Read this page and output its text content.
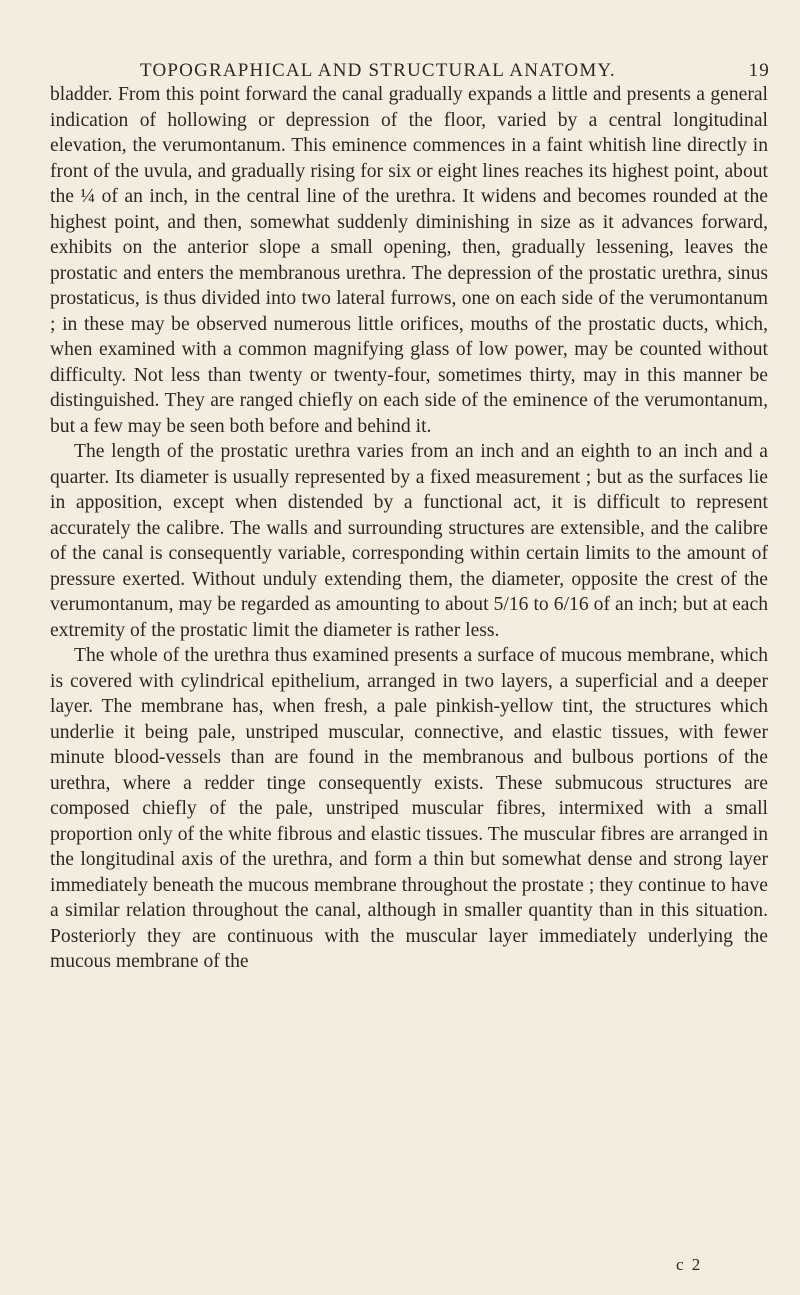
TOPOGRAPHICAL AND STRUCTURAL ANATOMY.	19

bladder. From this point forward the canal gradually expands a little and presents a general indication of hollowing or depression of the floor, varied by a central longitudinal elevation, the verumontanum. This eminence commences in a faint whitish line directly in front of the uvula, and gradually rising for six or eight lines reaches its highest point, about the ¼ of an inch, in the central line of the urethra. It widens and becomes rounded at the highest point, and then, somewhat suddenly diminishing in size as it advances forward, exhibits on the anterior slope a small opening, then, gradually lessening, leaves the prostatic and enters the membranous urethra. The depression of the prostatic urethra, sinus prostaticus, is thus divided into two lateral furrows, one on each side of the verumontanum ; in these may be observed numerous little orifices, mouths of the prostatic ducts, which, when examined with a common magnifying glass of low power, may be counted without difficulty. Not less than twenty or twenty-four, sometimes thirty, may in this manner be distinguished. They are ranged chiefly on each side of the eminence of the verumontanum, but a few may be seen both before and behind it.

The length of the prostatic urethra varies from an inch and an eighth to an inch and a quarter. Its diameter is usually represented by a fixed measurement ; but as the surfaces lie in apposition, except when distended by a functional act, it is difficult to represent accurately the calibre. The walls and surrounding structures are extensible, and the calibre of the canal is consequently variable, corresponding within certain limits to the amount of pressure exerted. Without unduly extending them, the diameter, opposite the crest of the verumontanum, may be regarded as amounting to about 5/16 to 6/16 of an inch; but at each extremity of the prostatic limit the diameter is rather less.

The whole of the urethra thus examined presents a surface of mucous membrane, which is covered with cylindrical epithelium, arranged in two layers, a superficial and a deeper layer. The membrane has, when fresh, a pale pinkish-yellow tint, the structures which underlie it being pale, unstriped muscular, connective, and elastic tissues, with fewer minute blood-vessels than are found in the membranous and bulbous portions of the urethra, where a redder tinge consequently exists. These submucous structures are composed chiefly of the pale, unstriped muscular fibres, intermixed with a small proportion only of the white fibrous and elastic tissues. The muscular fibres are arranged in the longitudinal axis of the urethra, and form a thin but somewhat dense and strong layer immediately beneath the mucous membrane throughout the prostate ; they continue to have a similar relation throughout the canal, although in smaller quantity than in this situation. Posteriorly they are continuous with the muscular layer immediately underlying the mucous membrane of the

c 2
